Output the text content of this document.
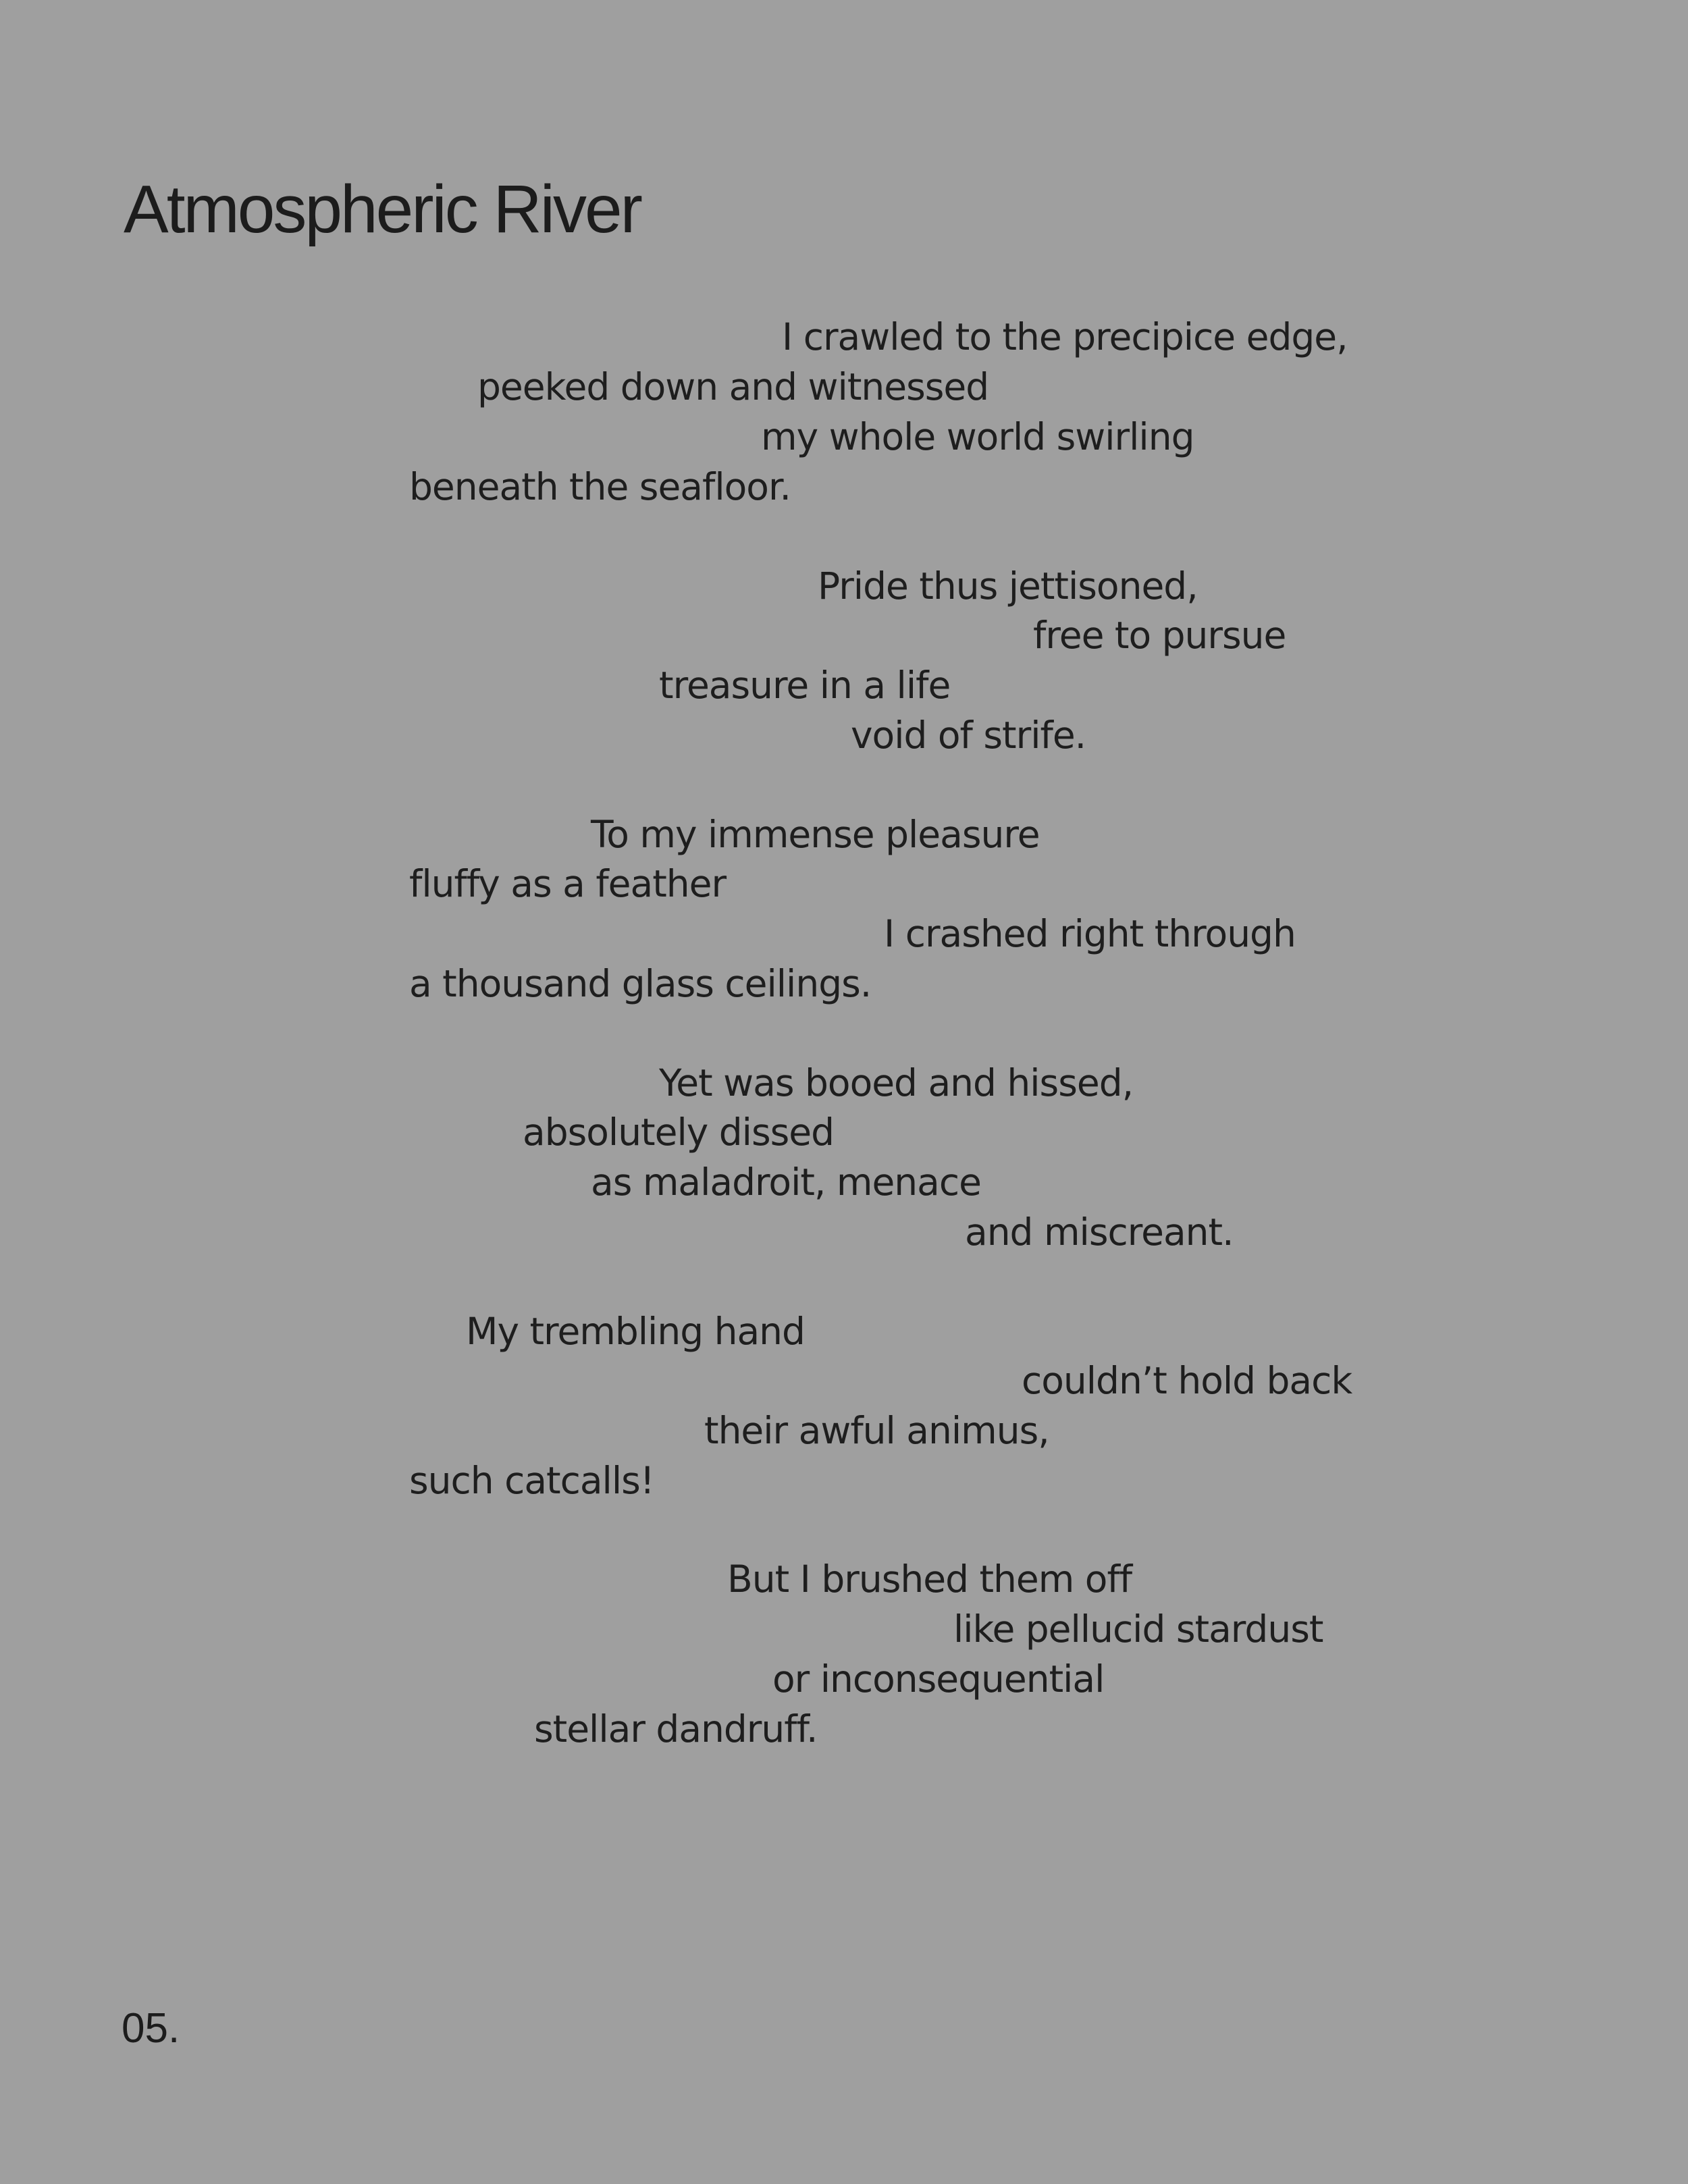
Atmospheric River
I crawled to the precipice edge,
peeked down and witnessed
my whole world swirling
beneath the seafloor.
Pride thus jettisoned,
free to pursue
treasure in a life
void of strife.
To my immense pleasure
fluffy as a feather
I crashed right through
a thousand glass ceilings.
Yet was booed and hissed,
absolutely dissed
as maladroit, menace
and miscreant.
My trembling hand
couldn’t hold back
their awful animus,
such catcalls!
But I brushed them off
like pellucid stardust
or inconsequential
stellar dandruff.
05.
